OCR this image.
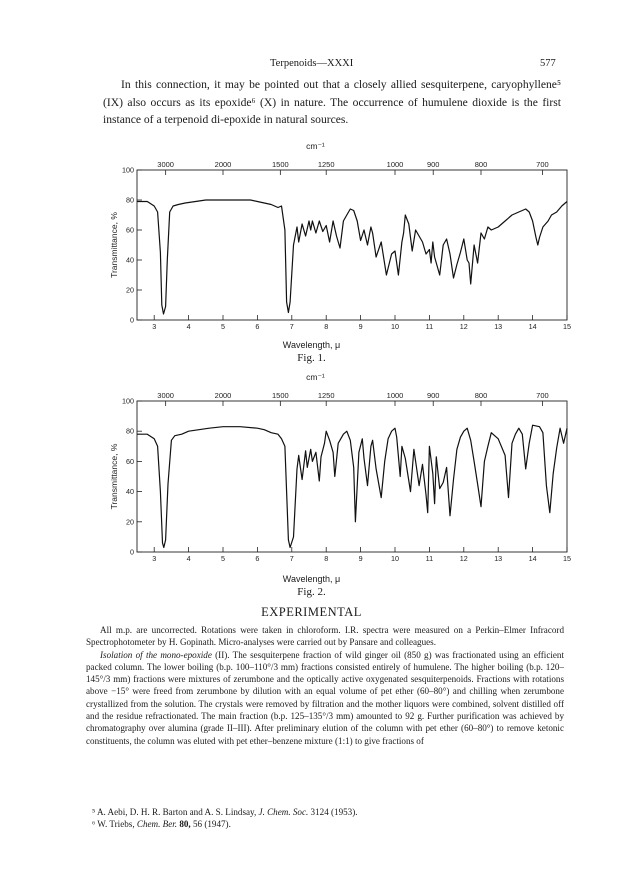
Terpenoids—XXXI	577

In this connection, it may be pointed out that a closely allied sesquiterpene, caryophyllene⁵ (IX) also occurs as its epoxide⁶ (X) in nature. The occurrence of humulene dioxide is the first instance of a terpenoid di-epoxide in natural sources.

cm⁻¹
3000	2000	1500	1250	1000	900	800	700
3	4	5	6	7	8	9	10	11	12	13	14	15
0
20
40
60
80
100
Transmittance, %
Wavelength, μ
Fig. 1.
cm⁻¹
3000	2000	1500	1250	1000	900	800	700
3	4	5	6	7	8	9	10	11	12	13	14	15
0
20
40
60
80
100
Transmittance, %
Wavelength, μ
Fig. 2.
EXPERIMENTAL

All m.p. are uncorrected. Rotations were taken in chloroform. I.R. spectra were measured on a Perkin–Elmer Infracord Spectrophotometer by H. Gopinath. Micro-analyses were carried out by Pansare and colleagues.

Isolation of the mono-epoxide (II). The sesquiterpene fraction of wild ginger oil (850 g) was fractionated using an efficient packed column. The lower boiling (b.p. 100–110°/3 mm) fractions consisted entirely of humulene. The higher boiling (b.p. 120–145°/3 mm) fractions were mixtures of zerumbone and the optically active oxygenated sesquiterpenoids. Fractions with rotations above −15° were freed from zerumbone by dilution with an equal volume of pet ether (60–80°) and chilling when zerumbone crystallized from the solution. The crystals were removed by filtration and the mother liquors were combined, solvent distilled off and the residue refractionated. The main fraction (b.p. 125–135°/3 mm) amounted to 92 g. Further purification was achieved by chromatography over alumina (grade II–III). After preliminary elution of the column with pet ether (60–80°) to remove ketonic constituents, the column was eluted with pet ether–benzene mixture (1:1) to give fractions of

⁵ A. Aebi, D. H. R. Barton and A. S. Lindsay, J. Chem. Soc. 3124 (1953).
⁶ W. Triebs, Chem. Ber. 80, 56 (1947).
